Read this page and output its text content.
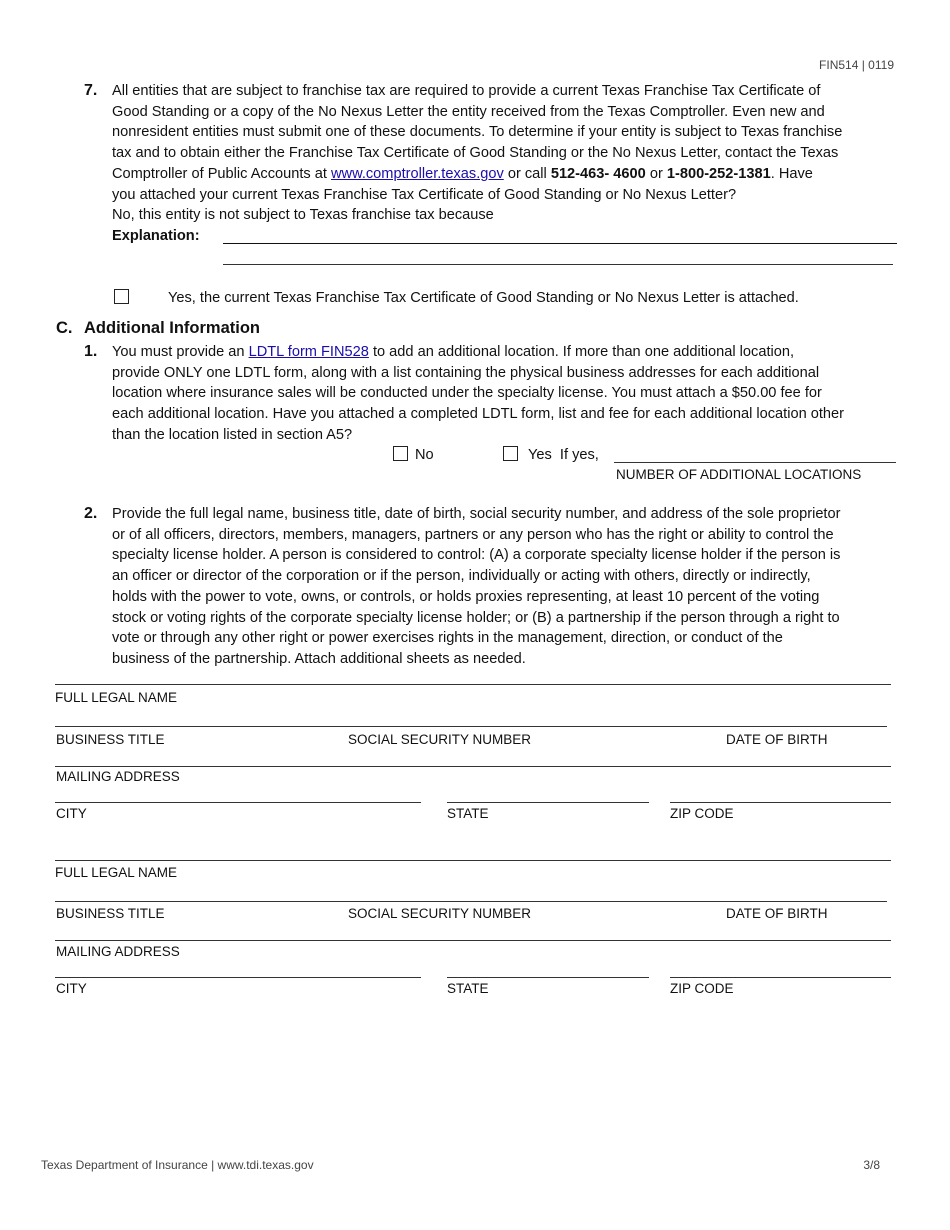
FIN514 | 0119
7. All entities that are subject to franchise tax are required to provide a current Texas Franchise Tax Certificate of
Good Standing or a copy of the No Nexus Letter the entity received from the Texas Comptroller. Even new and
nonresident entities must submit one of these documents. To determine if your entity is subject to Texas franchise
tax and to obtain either the Franchise Tax Certificate of Good Standing or the No Nexus Letter, contact the Texas
Comptroller of Public Accounts at www.comptroller.texas.gov or call 512-463- 4600 or 1-800-252-1381. Have
you attached your current Texas Franchise Tax Certificate of Good Standing or No Nexus Letter?
No, this entity is not subject to Texas franchise tax because
Explanation:
Yes, the current Texas Franchise Tax Certificate of Good Standing or No Nexus Letter is attached.
C. Additional Information
1. You must provide an LDTL form FIN528 to add an additional location. If more than one additional location,
provide ONLY one LDTL form, along with a list containing the physical business addresses for each additional
location where insurance sales will be conducted under the specialty license. You must attach a $50.00 fee for
each additional location. Have you attached a completed LDTL form, list and fee for each additional location other
than the location listed in section A5?
No	Yes  If yes,
NUMBER OF ADDITIONAL LOCATIONS
2. Provide the full legal name, business title, date of birth, social security number, and address of the sole proprietor
or of all officers, directors, members, managers, partners or any person who has the right or ability to control the
specialty license holder. A person is considered to control: (A) a corporate specialty license holder if the person is
an officer or director of the corporation or if the person, individually or acting with others, directly or indirectly,
holds with the power to vote, owns, or controls, or holds proxies representing, at least 10 percent of the voting
stock or voting rights of the corporate specialty license holder; or (B) a partnership if the person through a right to
vote or through any other right or power exercises rights in the management, direction, or conduct of the
business of the partnership. Attach additional sheets as needed.
FULL LEGAL NAME
BUSINESS TITLE	SOCIAL SECURITY NUMBER	DATE OF BIRTH
MAILING ADDRESS
CITY	STATE	ZIP CODE
FULL LEGAL NAME
BUSINESS TITLE	SOCIAL SECURITY NUMBER	DATE OF BIRTH
MAILING ADDRESS
CITY	STATE	ZIP CODE
Texas Department of Insurance | www.tdi.texas.gov	3/8
